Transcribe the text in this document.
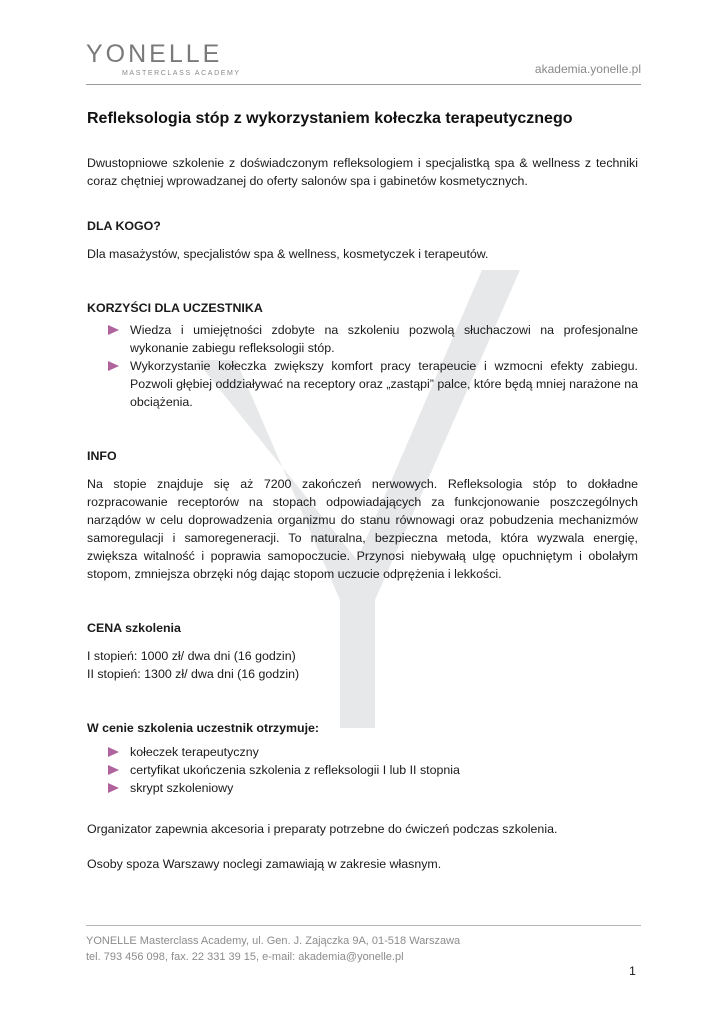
YONELLE
MASTERCLASS ACADEMY	akademia.yonelle.pl
Refleksologia stóp z wykorzystaniem kołeczka terapeutycznego

Dwustopniowe szkolenie z doświadczonym refleksologiem i specjalistką spa & wellness z techniki coraz chętniej wprowadzanej do oferty salonów spa i gabinetów kosmetycznych.

DLA KOGO?

Dla masażystów, specjalistów spa & wellness, kosmetyczek i terapeutów.

KORZYŚCI DLA UCZESTNIKA
Wiedza i umiejętności zdobyte na szkoleniu pozwolą słuchaczowi na profesjonalne wykonanie zabiegu refleksologii stóp.
Wykorzystanie kołeczka zwiększy komfort pracy terapeucie i wzmocni efekty zabiegu. Pozwoli głębiej oddziaływać na receptory oraz „zastąpi” palce, które będą mniej narażone na obciążenia.
INFO

Na stopie znajduje się aż 7200 zakończeń nerwowych. Refleksologia stóp to dokładne rozpracowanie receptorów na stopach odpowiadających za funkcjonowanie poszczególnych narządów w celu doprowadzenia organizmu do stanu równowagi oraz pobudzenia mechanizmów samoregulacji i samoregeneracji. To naturalna, bezpieczna metoda, która wyzwala energię, zwiększa witalność i poprawia samopoczucie. Przynosi niebywałą ulgę opuchniętym i obolałym stopom, zmniejsza obrzęki nóg dając stopom uczucie odprężenia i lekkości.

CENA szkolenia
I stopień: 1000 zł/ dwa dni (16 godzin)
II stopień: 1300 zł/ dwa dni (16 godzin)
W cenie szkolenia uczestnik otrzymuje:
kołeczek terapeutyczny
certyfikat ukończenia szkolenia z refleksologii I lub II stopnia
skrypt szkoleniowy

Organizator zapewnia akcesoria i preparaty potrzebne do ćwiczeń podczas szkolenia.

Osoby spoza Warszawy noclegi zamawiają w zakresie własnym.

YONELLE Masterclass Academy, ul. Gen. J. Zajączka 9A, 01-518 Warszawa
tel. 793 456 098, fax. 22 331 39 15, e-mail: akademia@yonelle.pl
1
